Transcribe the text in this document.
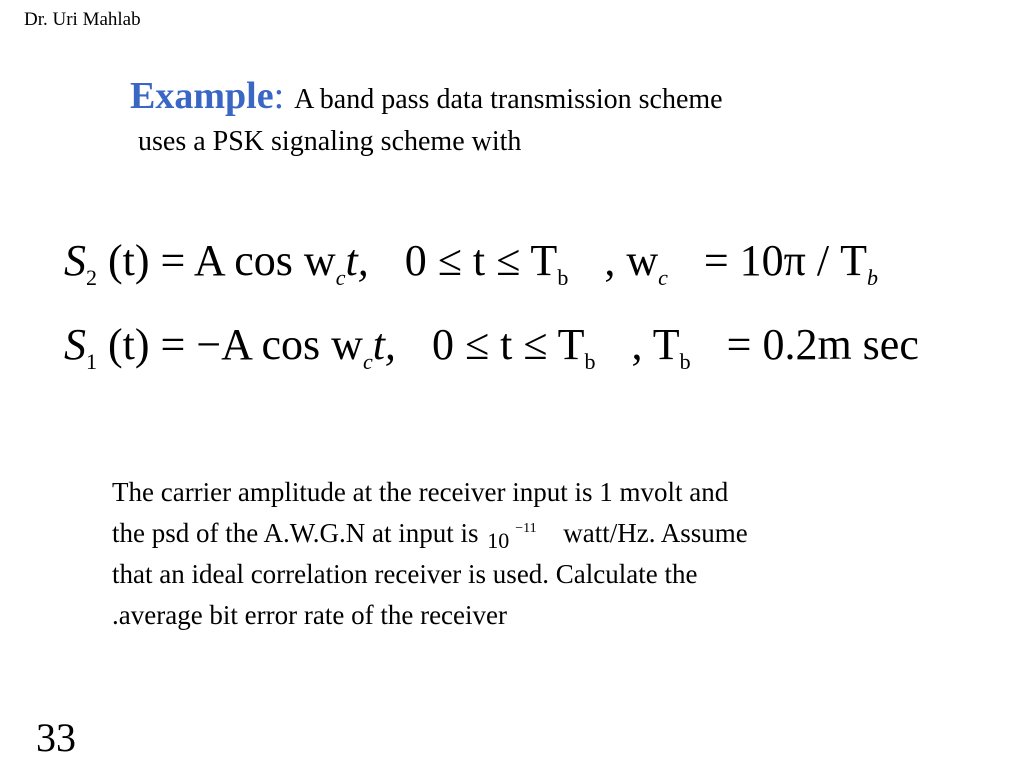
Dr. Uri Mahlab
Example: A band pass data transmission scheme
uses a PSK signaling scheme with
$S_2$ (t) = A $\cos w_ct$, $0 \le t \le T_b$ , $w_c = 10\pi / T_b$
$S_1$ (t) = −A $\cos w_ct$, $0 \le t \le T_b$ , $T_b = 0.2m$ sec
The carrier amplitude at the receiver input is 1 mvolt and
the psd of the A.W.G.N at input is 10 −11 watt/Hz. Assume
that an ideal correlation receiver is used. Calculate the
.average bit error rate of the receiver
33
